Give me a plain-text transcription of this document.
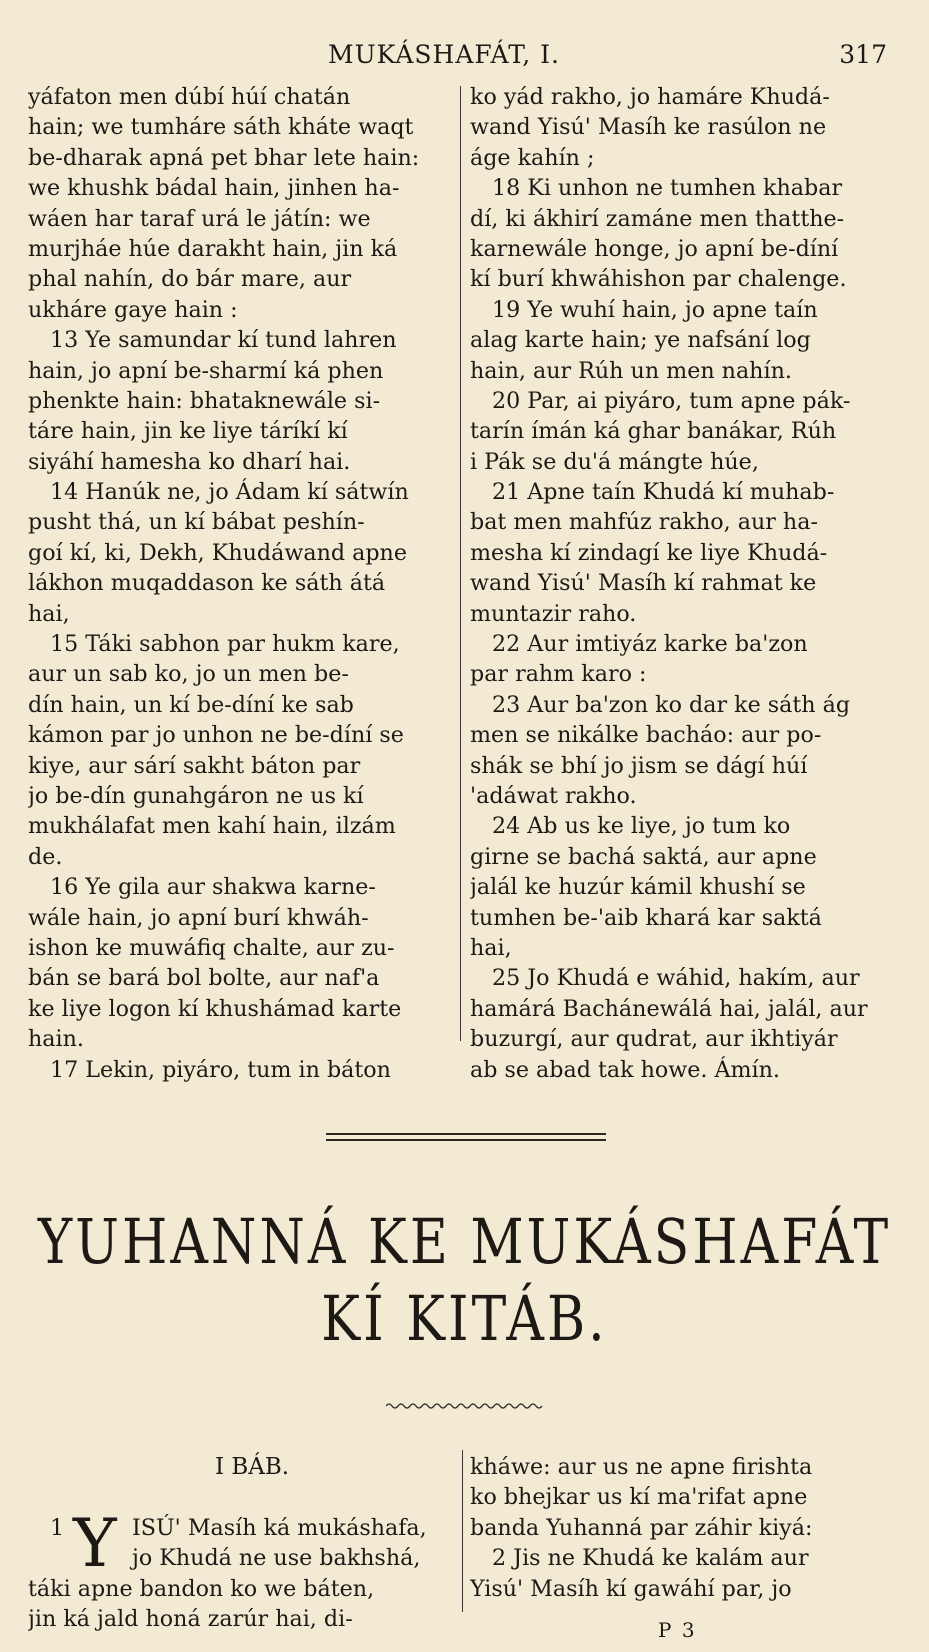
MUKÁSHAFÁT, I.	317
yáfaton men dúbí húí chatán
hain; we tumháre sáth kháte waqt
be-dharak apná pet bhar lete hain:
we khushk bádal hain, jinhen ha-
wáen har taraf urá le játín: we
murjháe húe darakht hain, jin ká
phal nahín, do bár mare, aur
ukháre gaye hain :
13 Ye samundar kí tund lahren
hain, jo apní be-sharmí ká phen
phenkte hain: bhataknewále si-
táre hain, jin ke liye táríkí kí
siyáhí hamesha ko dharí hai.
14 Hanúk ne, jo Ádam kí sátwín
pusht thá, un kí bábat peshín-
goí kí, ki, Dekh, Khudáwand apne
lákhon muqaddason ke sáth átá
hai,
15 Táki sabhon par hukm kare,
aur un sab ko, jo un men be-
dín hain, un kí be-díní ke sab
kámon par jo unhon ne be-díní se
kiye, aur sárí sakht báton par
jo be-dín gunahgáron ne us kí
mukhálafat men kahí hain, ilzám
de.
16 Ye gila aur shakwa karne-
wále hain, jo apní burí khwáh-
ishon ke muwáfiq chalte, aur zu-
bán se bará bol bolte, aur naf'a
ke liye logon kí khushámad karte
hain.
17 Lekin, piyáro, tum in báton
ko yád rakho, jo hamáre Khudá-
wand Yisú' Masíh ke rasúlon ne
áge kahín ;
18 Ki unhon ne tumhen khabar
dí, ki ákhirí zamáne men thatthe-
karnewále honge, jo apní be-díní
kí burí khwáhishon par chalenge.
19 Ye wuhí hain, jo apne taín
alag karte hain; ye nafsání log
hain, aur Rúh un men nahín.
20 Par, ai piyáro, tum apne pák-
tarín ímán ká ghar banákar, Rúh
i Pák se du'á mángte húe,
21 Apne taín Khudá kí muhab-
bat men mahfúz rakho, aur ha-
mesha kí zindagí ke liye Khudá-
wand Yisú' Masíh kí rahmat ke
muntazir raho.
22 Aur imtiyáz karke ba'zon
par rahm karo :
23 Aur ba'zon ko dar ke sáth ág
men se nikálke bacháo: aur po-
shák se bhí jo jism se dágí húí
'adáwat rakho.
24 Ab us ke liye, jo tum ko
girne se bachá saktá, aur apne
jalál ke huzúr kámil khushí se
tumhen be-'aib khará kar saktá
hai,
25 Jo Khudá e wáhid, hakím, aur
hamárá Bachánewálá hai, jalál, aur
buzurgí, aur qudrat, aur ikhtiyár
ab se abad tak howe. Ámín.
YUHANNÁ KE MUKÁSHAFÁT
KÍ KITÁB.
I BÁB.
1 Y ISÚ' Masíh ká mukáshafa,
jo Khudá ne use bakhshá,
táki apne bandon ko we báten,
jin ká jald honá zarúr hai, di-
kháwe: aur us ne apne firishta
ko bhejkar us kí ma'rifat apne
banda Yuhanná par záhir kiyá:
2 Jis ne Khudá ke kalám aur
Yisú' Masíh kí gawáhí par, jo
P 3
